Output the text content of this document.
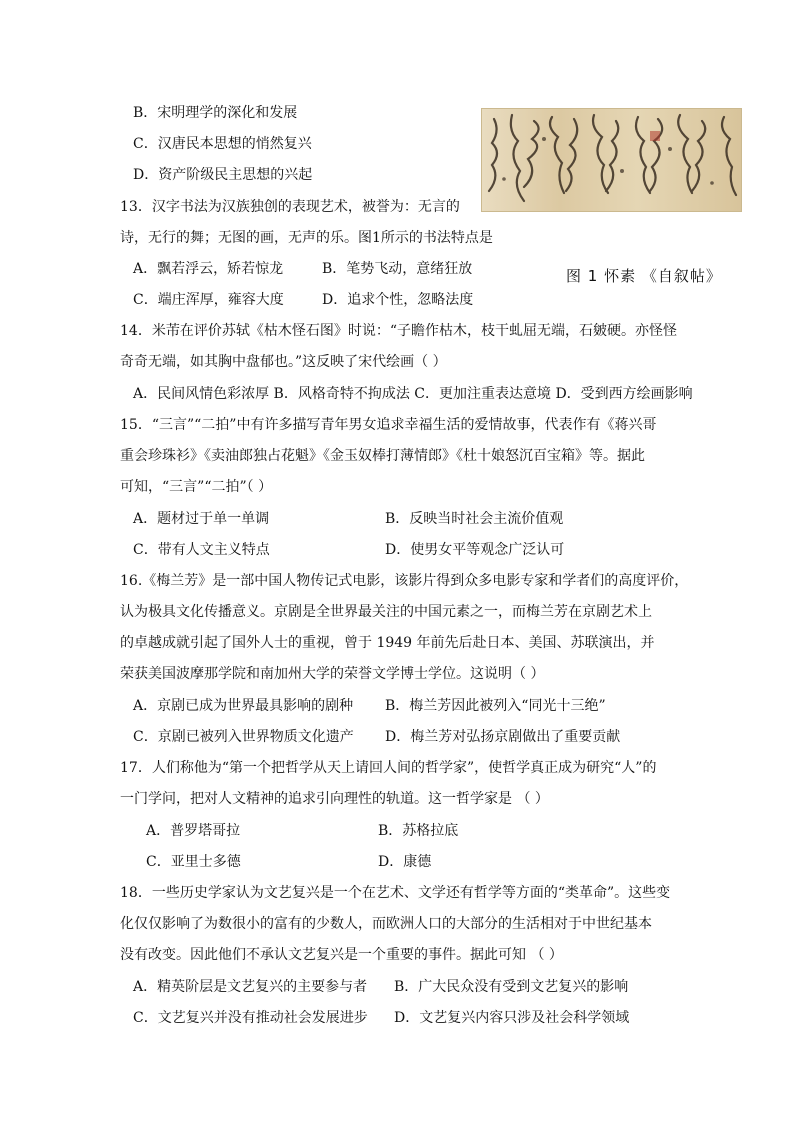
B．宋明理学的深化和发展
C．汉唐民本思想的悄然复兴
D．资产阶级民主思想的兴起
13．汉字书法为汉族独创的表现艺术，被誉为：无言的
诗，无行的舞；无图的画，无声的乐。图1所示的书法特点是
A．飘若浮云，矫若惊龙	B．笔势飞动，意绪狂放	图 1 怀素 《自叙帖》
C．端庄浑厚，雍容大度	D．追求个性，忽略法度
14．米芾在评价苏轼《枯木怪石图》时说：“子瞻作枯木，枝干虬屈无端，石皴硬。亦怪怪
奇奇无端，如其胸中盘郁也。”这反映了宋代绘画（ ）
A．民间风情色彩浓厚 B．风格奇特不拘成法 C．更加注重表达意境 D．受到西方绘画影响
15．“三言”“二拍”中有许多描写青年男女追求幸福生活的爱情故事，代表作有《蒋兴哥
重会珍珠衫》《卖油郎独占花魁》《金玉奴棒打薄情郎》《杜十娘怒沉百宝箱》等。据此
可知，“三言”“二拍”（ ）
A．题材过于单一单调	B．反映当时社会主流价值观
C．带有人文主义特点	D．使男女平等观念广泛认可
16.《梅兰芳》是一部中国人物传记式电影，该影片得到众多电影专家和学者们的高度评价，
认为极具文化传播意义。京剧是全世界最关注的中国元素之一，而梅兰芳在京剧艺术上
的卓越成就引起了国外人士的重视，曾于 1949 年前先后赴日本、美国、苏联演出，并
荣获美国波摩那学院和南加州大学的荣誉文学博士学位。这说明（ ）
A．京剧已成为世界最具影响的剧种 B．梅兰芳因此被列入“同光十三绝”
C．京剧已被列入世界物质文化遗产 D．梅兰芳对弘扬京剧做出了重要贡献
17．人们称他为“第一个把哲学从天上请回人间的哲学家”，使哲学真正成为研究“人”的
一门学问，把对人文精神的追求引向理性的轨道。这一哲学家是 （ ）
A．普罗塔哥拉	B．苏格拉底
C．亚里士多德	D．康德
18．一些历史学家认为文艺复兴是一个在艺术、文学还有哲学等方面的“类革命”。这些变
化仅仅影响了为数很小的富有的少数人，而欧洲人口的大部分的生活相对于中世纪基本
没有改变。因此他们不承认文艺复兴是一个重要的事件。据此可知 （ ）
A．精英阶层是文艺复兴的主要参与者 B．广大民众没有受到文艺复兴的影响
C．文艺复兴并没有推动社会发展进步 D．文艺复兴内容只涉及社会科学领域
